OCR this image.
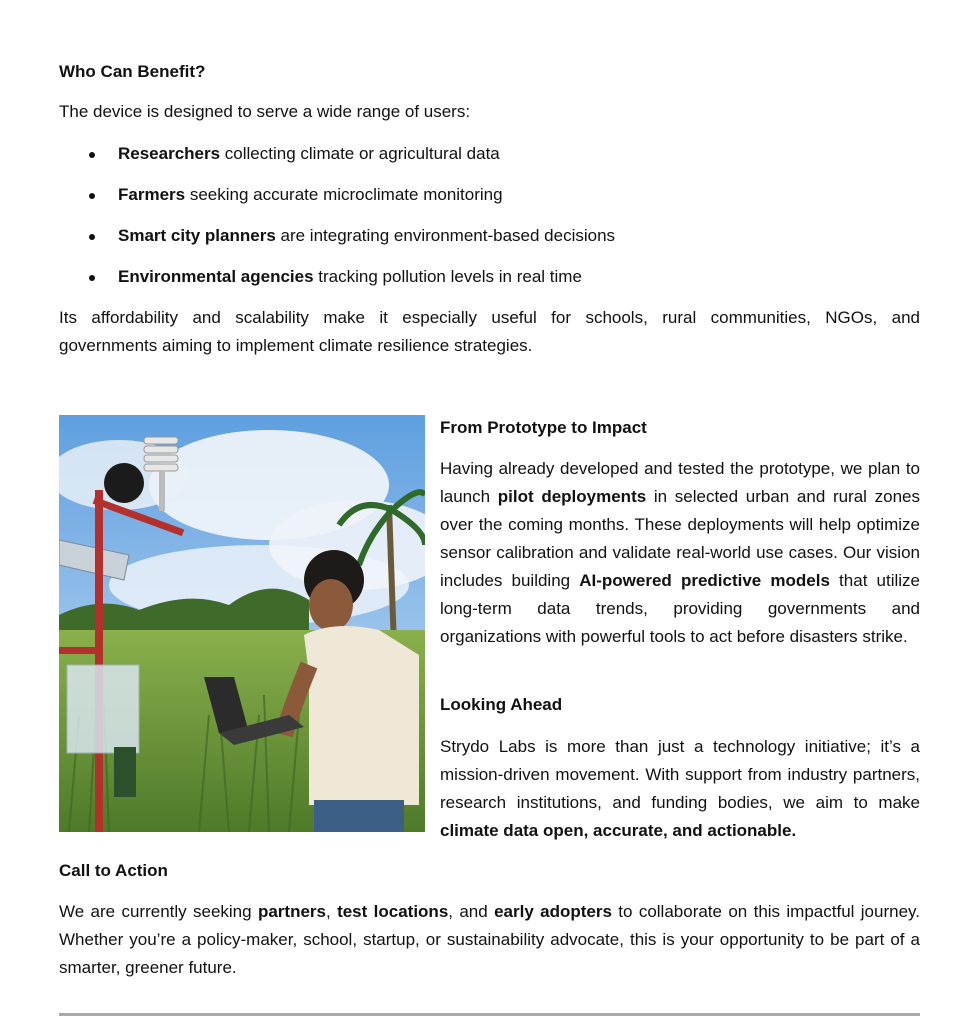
Who Can Benefit?
The device is designed to serve a wide range of users:
Researchers collecting climate or agricultural data
Farmers seeking accurate microclimate monitoring
Smart city planners are integrating environment-based decisions
Environmental agencies tracking pollution levels in real time
Its affordability and scalability make it especially useful for schools, rural communities, NGOs, and
governments aiming to implement climate resilience strategies.
From Prototype to Impact
Having already developed and tested the prototype, we plan to launch pilot deployments in selected urban and rural zones over the coming months. These deployments will help optimize sensor calibration and validate real-world use cases. Our vision includes building AI-powered predictive models that utilize long-term data trends, providing governments and organizations with powerful tools to act before disasters strike.
Looking Ahead
Strydo Labs is more than just a technology initiative; it’s a mission-driven movement. With support from industry partners, research institutions, and funding bodies, we aim to make climate data open, accurate, and actionable.
Call to Action
We are currently seeking partners, test locations, and early adopters to collaborate on this impactful journey. Whether you’re a policy-maker, school, startup, or sustainability advocate, this is your opportunity to be part of a smarter, greener future.
